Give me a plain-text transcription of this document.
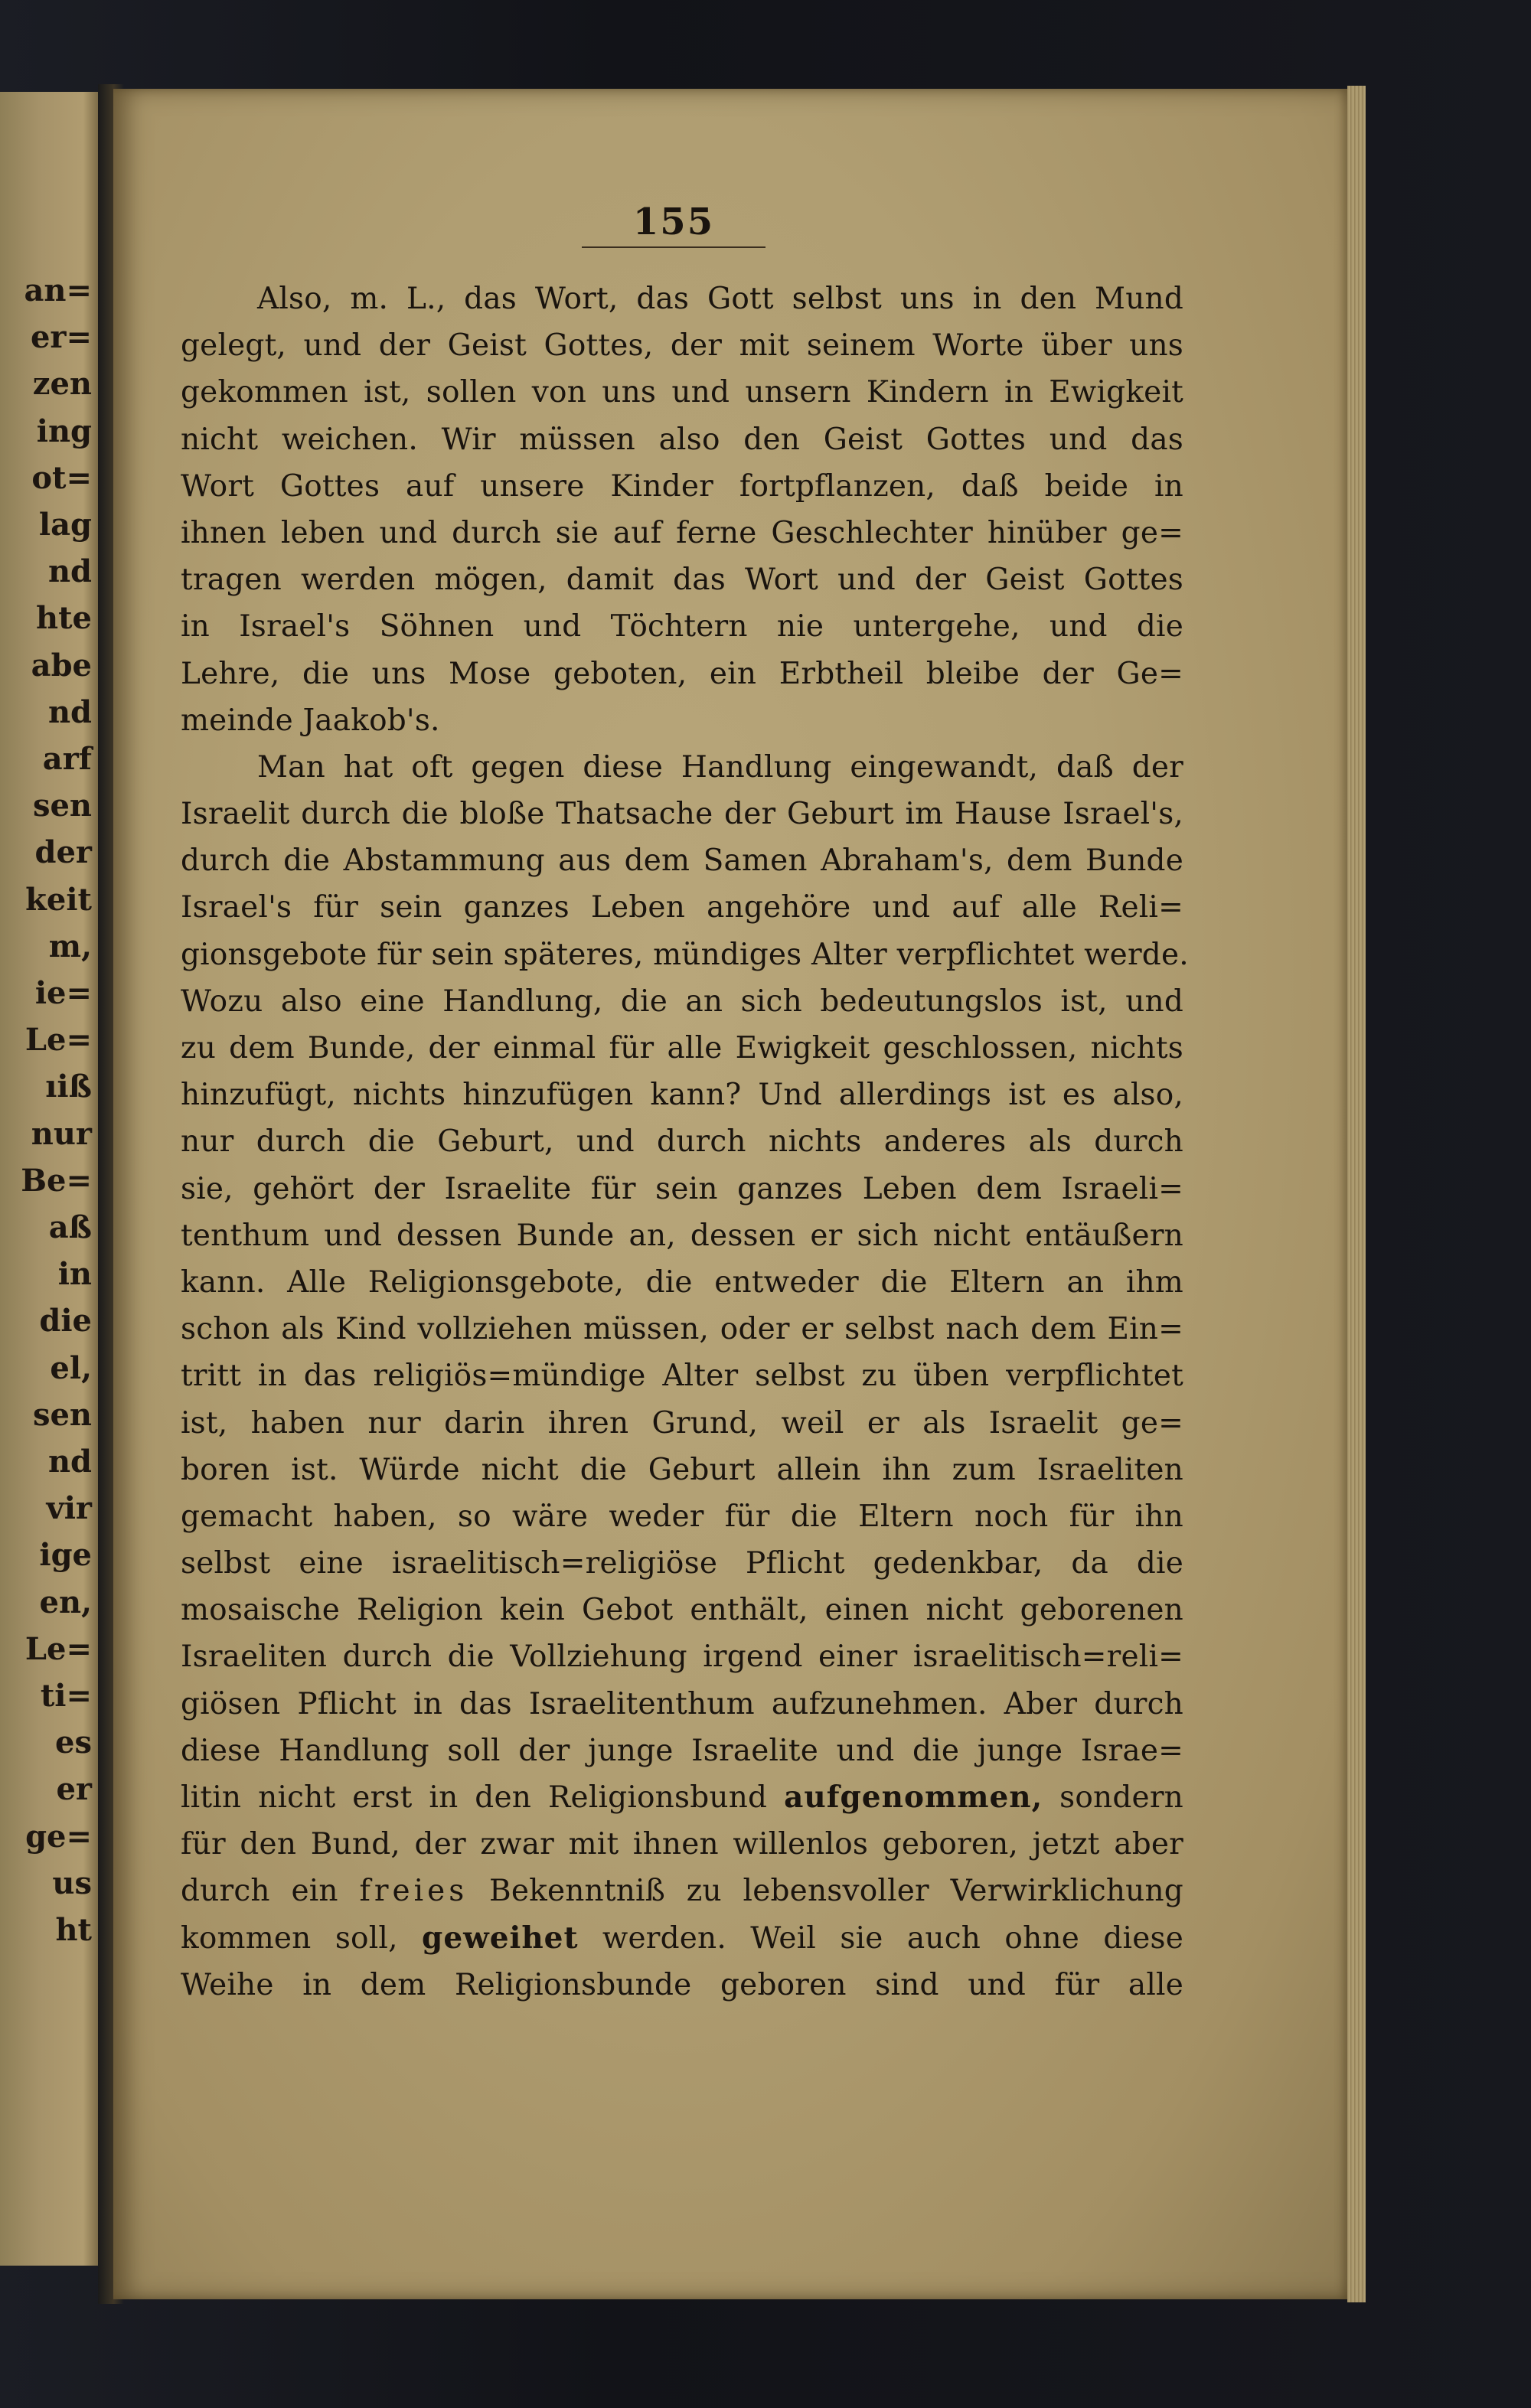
an=
er=
zen
ing
ot=
lag
nd
hte
abe
nd
arf
sen
der
keit
m,
ie=
Le=
ıiß
nur
Be=
aß
in
die
el,
sen
nd
vir
ige
en,
Le=
ti=
es
er
ge=
us
ht
155
Also, m. L., das Wort, das Gott selbst uns in den Mund
gelegt, und der Geist Gottes, der mit seinem Worte über uns
gekommen ist, sollen von uns und unsern Kindern in Ewigkeit
nicht weichen. Wir müssen also den Geist Gottes und das
Wort Gottes auf unsere Kinder fortpflanzen, daß beide in
ihnen leben und durch sie auf ferne Geschlechter hinüber ge=
tragen werden mögen, damit das Wort und der Geist Gottes
in Israel's Söhnen und Töchtern nie untergehe, und die
Lehre, die uns Mose geboten, ein Erbtheil bleibe der Ge=
meinde Jaakob's.
Man hat oft gegen diese Handlung eingewandt, daß der
Israelit durch die bloße Thatsache der Geburt im Hause Israel's,
durch die Abstammung aus dem Samen Abraham's, dem Bunde
Israel's für sein ganzes Leben angehöre und auf alle Reli=
gionsgebote für sein späteres, mündiges Alter verpflichtet werde.
Wozu also eine Handlung, die an sich bedeutungslos ist, und
zu dem Bunde, der einmal für alle Ewigkeit geschlossen, nichts
hinzufügt, nichts hinzufügen kann? Und allerdings ist es also,
nur durch die Geburt, und durch nichts anderes als durch
sie, gehört der Israelite für sein ganzes Leben dem Israeli=
tenthum und dessen Bunde an, dessen er sich nicht entäußern
kann. Alle Religionsgebote, die entweder die Eltern an ihm
schon als Kind vollziehen müssen, oder er selbst nach dem Ein=
tritt in das religiös=mündige Alter selbst zu üben verpflichtet
ist, haben nur darin ihren Grund, weil er als Israelit ge=
boren ist. Würde nicht die Geburt allein ihn zum Israeliten
gemacht haben, so wäre weder für die Eltern noch für ihn
selbst eine israelitisch=religiöse Pflicht gedenkbar, da die
mosaische Religion kein Gebot enthält, einen nicht geborenen
Israeliten durch die Vollziehung irgend einer israelitisch=reli=
giösen Pflicht in das Israelitenthum aufzunehmen. Aber durch
diese Handlung soll der junge Israelite und die junge Israe=
litin nicht erst in den Religionsbund aufgenommen, sondern
für den Bund, der zwar mit ihnen willenlos geboren, jetzt aber
durch ein freies Bekenntniß zu lebensvoller Verwirklichung
kommen soll, geweihet werden. Weil sie auch ohne diese
Weihe in dem Religionsbunde geboren sind und für alle
